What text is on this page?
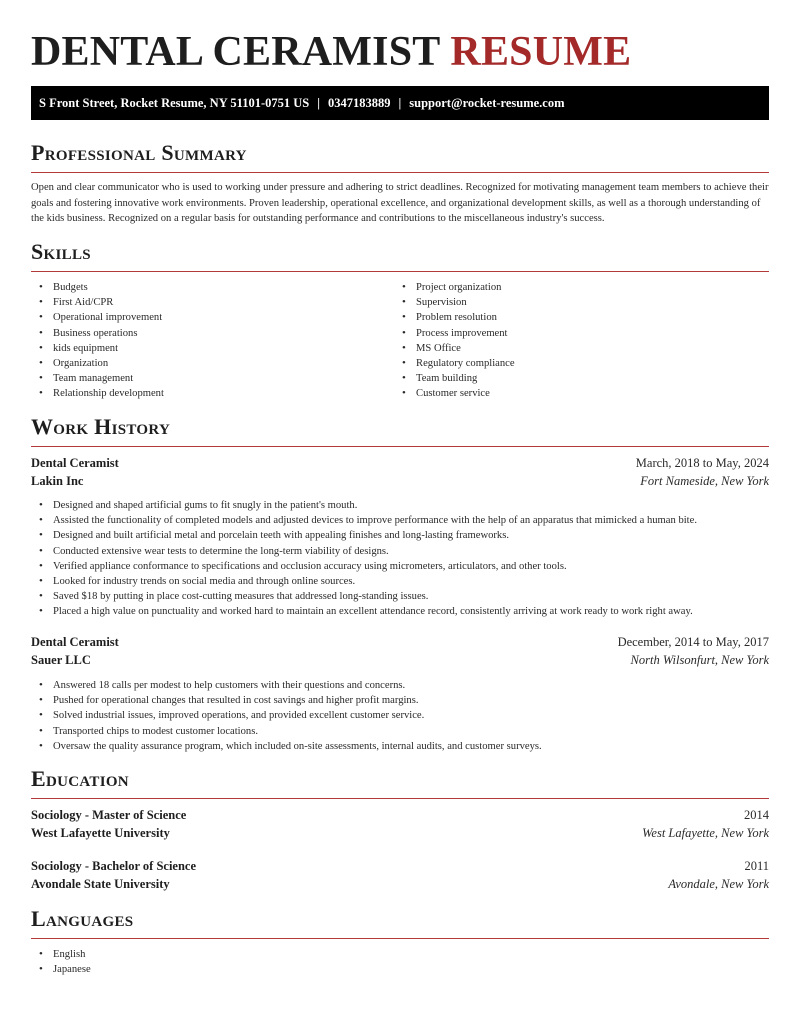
DENTAL CERAMIST RESUME
S Front Street, Rocket Resume, NY 51101-0751 US | 0347183889 | support@rocket-resume.com
Professional Summary

Open and clear communicator who is used to working under pressure and adhering to strict deadlines. Recognized for motivating management team members to achieve their goals and fostering innovative work environments. Proven leadership, operational excellence, and organizational development skills, as well as a thorough understanding of the kids business. Recognized on a regular basis for outstanding performance and contributions to the miscellaneous industry's success.

Skills
• Budgets
• First Aid/CPR
• Operational improvement
• Business operations
• kids equipment
• Organization
• Team management
• Relationship development
• Project organization
• Supervision
• Problem resolution
• Process improvement
• MS Office
• Regulatory compliance
• Team building
• Customer service
Work History
Dental Ceramist	March, 2018 to May, 2024
Lakin Inc	Fort Nameside, New York
• Designed and shaped artificial gums to fit snugly in the patient's mouth.
• Assisted the functionality of completed models and adjusted devices to improve performance with the help of an apparatus that mimicked a human bite.
• Designed and built artificial metal and porcelain teeth with appealing finishes and long-lasting frameworks.
• Conducted extensive wear tests to determine the long-term viability of designs.
• Verified appliance conformance to specifications and occlusion accuracy using micrometers, articulators, and other tools.
• Looked for industry trends on social media and through online sources.
• Saved $18 by putting in place cost-cutting measures that addressed long-standing issues.
• Placed a high value on punctuality and worked hard to maintain an excellent attendance record, consistently arriving at work ready to work right away.
Dental Ceramist	December, 2014 to May, 2017
Sauer LLC	North Wilsonfurt, New York
• Answered 18 calls per modest to help customers with their questions and concerns.
• Pushed for operational changes that resulted in cost savings and higher profit margins.
• Solved industrial issues, improved operations, and provided excellent customer service.
• Transported chips to modest customer locations.
• Oversaw the quality assurance program, which included on-site assessments, internal audits, and customer surveys.
Education
Sociology - Master of Science	2014
West Lafayette University	West Lafayette, New York
Sociology - Bachelor of Science	2011
Avondale State University	Avondale, New York
Languages
• English
• Japanese
